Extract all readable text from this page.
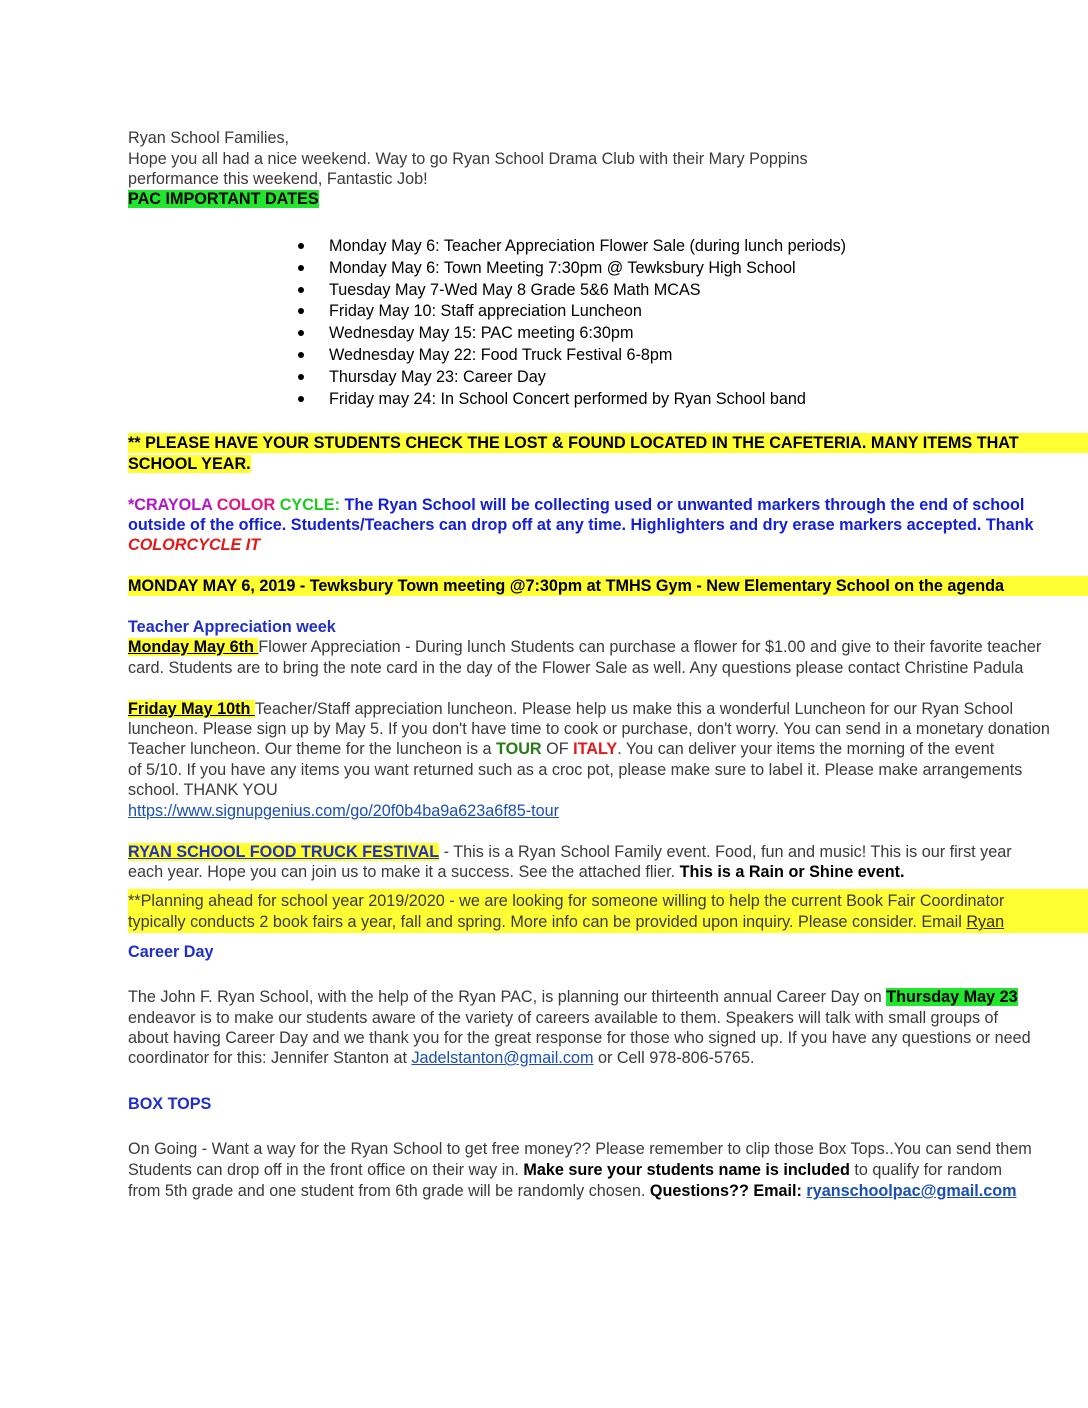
Ryan School Families,
Hope you all had a nice weekend. Way to go Ryan School Drama Club with their Mary Poppins
performance this weekend, Fantastic Job!
PAC IMPORTANT DATES
Monday May 6: Teacher Appreciation Flower Sale (during lunch periods)
Monday May 6: Town Meeting 7:30pm @ Tewksbury High School
Tuesday May 7-Wed May 8 Grade 5&6 Math MCAS
Friday May 10: Staff appreciation Luncheon
Wednesday May 15: PAC meeting 6:30pm
Wednesday May 22: Food Truck Festival 6-8pm
Thursday May 23: Career Day
Friday may 24: In School Concert performed by Ryan School band
** PLEASE HAVE YOUR STUDENTS CHECK THE LOST & FOUND LOCATED IN THE CAFETERIA. MANY ITEMS THAT
SCHOOL YEAR.
*CRAYOLA COLOR CYCLE: The Ryan School will be collecting used or unwanted markers through the end of school
outside of the office. Students/Teachers can drop off at any time. Highlighters and dry erase markers accepted. Thank
COLORCYCLE IT
MONDAY MAY 6, 2019 - Tewksbury Town meeting @7:30pm at TMHS Gym - New Elementary School on the agenda
Teacher Appreciation week
Monday May 6th Flower Appreciation - During lunch Students can purchase a flower for $1.00 and give to their favorite teacher
card. Students are to bring the note card in the day of the Flower Sale as well. Any questions please contact Christine Padula
Friday May 10th Teacher/Staff appreciation luncheon. Please help us make this a wonderful Luncheon for our Ryan School
luncheon. Please sign up by May 5. If you don't have time to cook or purchase, don't worry. You can send in a monetary donation
Teacher luncheon. Our theme for the luncheon is a TOUR OF ITALY. You can deliver your items the morning of the event
of 5/10. If you have any items you want returned such as a croc pot, please make sure to label it. Please make arrangements
school. THANK YOU
https://www.signupgenius.com/go/20f0b4ba9a623a6f85-tour
RYAN SCHOOL FOOD TRUCK FESTIVAL - This is a Ryan School Family event. Food, fun and music! This is our first year
each year. Hope you can join us to make it a success. See the attached flier. This is a Rain or Shine event.
**Planning ahead for school year 2019/2020 - we are looking for someone willing to help the current Book Fair Coordinator
typically conducts 2 book fairs a year, fall and spring. More info can be provided upon inquiry. Please consider. Email Ryan
Career Day
The John F. Ryan School, with the help of the Ryan PAC, is planning our thirteenth annual Career Day on Thursday May 23
endeavor is to make our students aware of the variety of careers available to them. Speakers will talk with small groups of
about having Career Day and we thank you for the great response for those who signed up. If you have any questions or need
coordinator for this: Jennifer Stanton at Jadelstanton@gmail.com or Cell 978-806-5765.
BOX TOPS
On Going - Want a way for the Ryan School to get free money?? Please remember to clip those Box Tops..You can send them
Students can drop off in the front office on their way in. Make sure your students name is included to qualify for random
from 5th grade and one student from 6th grade will be randomly chosen. Questions?? Email: ryanschoolpac@gmail.com
